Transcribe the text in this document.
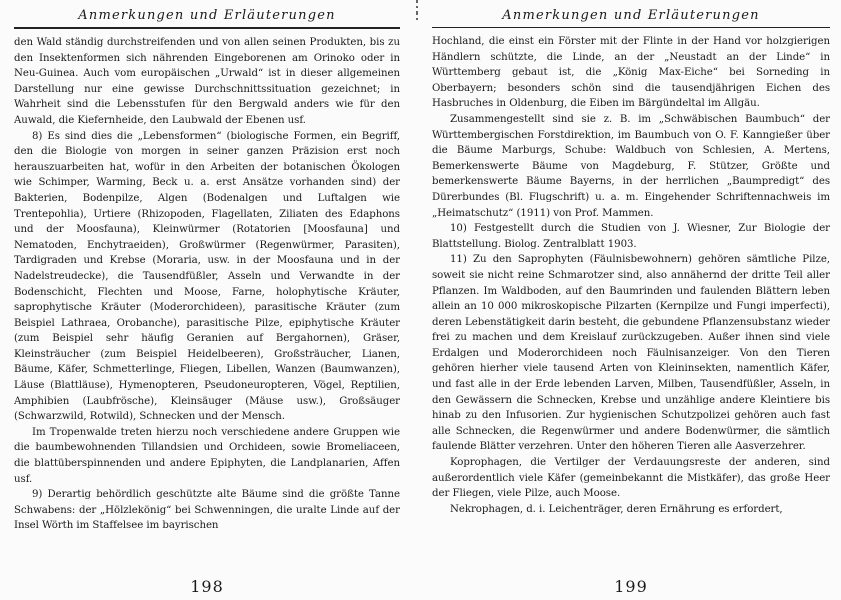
Anmerkungen und Erläuterungen

den Wald ständig durchstreifenden und von allen seinen Produkten, bis zu den Insektenformen sich nährenden Eingeborenen am Orinoko oder in Neu-Guinea. Auch vom europäischen „Urwald“ ist in dieser allgemeinen Darstellung nur eine gewisse Durchschnittssituation gezeichnet; in Wahrheit sind die Lebensstufen für den Bergwald anders wie für den Auwald, die Kiefernheide, den Laubwald der Ebenen usf.

8) Es sind dies die „Lebensformen“ (biologische Formen, ein Begriff, den die Biologie von morgen in seiner ganzen Präzision erst noch herauszuarbeiten hat, wofür in den Arbeiten der botanischen Ökologen wie Schimper, Warming, Beck u. a. erst Ansätze vorhanden sind) der Bakterien, Bodenpilze, Algen (Bodenalgen und Luftalgen wie Trentepohlia), Urtiere (Rhizopoden, Flagellaten, Ziliaten des Edaphons und der Moosfauna), Kleinwürmer (Rotatorien [Moosfauna] und Nematoden, Enchytraeiden), Großwürmer (Regenwürmer, Parasiten), Tardigraden und Krebse (Moraria, usw. in der Moosfauna und in der Nadelstreudecke), die Tausendfüßler, Asseln und Verwandte in der Bodenschicht, Flechten und Moose, Farne, holophytische Kräuter, saprophytische Kräuter (Moderorchideen), parasitische Kräuter (zum Beispiel Lathraea, Orobanche), parasitische Pilze, epiphytische Kräuter (zum Beispiel sehr häufig Geranien auf Bergahornen), Gräser, Kleinsträucher (zum Beispiel Heidelbeeren), Großsträucher, Lianen, Bäume, Käfer, Schmetterlinge, Fliegen, Libellen, Wanzen (Baumwanzen), Läuse (Blattläuse), Hymenopteren, Pseudoneuropteren, Vögel, Reptilien, Amphibien (Laubfrösche), Kleinsäuger (Mäuse usw.), Großsäuger (Schwarzwild, Rotwild), Schnecken und der Mensch.

Im Tropenwalde treten hierzu noch verschiedene andere Gruppen wie die baumbewohnenden Tillandsien und Orchideen, sowie Bromeliaceen, die blattüberspinnenden und andere Epiphyten, die Landplanarien, Affen usf.

9) Derartig behördlich geschützte alte Bäume sind die größte Tanne Schwabens: der „Hölzlekönig“ bei Schwenningen, die uralte Linde auf der Insel Wörth im Staffelsee im bayrischen

198
Anmerkungen und Erläuterungen

Hochland, die einst ein Förster mit der Flinte in der Hand vor holzgierigen Händlern schützte, die Linde, an der „Neustadt an der Linde“ in Württemberg gebaut ist, die „König Max-Eiche“ bei Sorneding in Oberbayern; besonders schön sind die tausendjährigen Eichen des Hasbruches in Oldenburg, die Eiben im Bärgündeltal im Allgäu.

Zusammengestellt sind sie z. B. im „Schwäbischen Baumbuch“ der Württembergischen Forstdirektion, im Baumbuch von O. F. Kanngießer über die Bäume Marburgs, Schube: Waldbuch von Schlesien, A. Mertens, Bemerkenswerte Bäume von Magdeburg, F. Stützer, Größte und bemerkenswerte Bäume Bayerns, in der herrlichen „Baumpredigt“ des Dürerbundes (Bl. Flugschrift) u. a. m. Eingehender Schriftennachweis im „Heimatschutz“ (1911) von Prof. Mammen.

10) Festgestellt durch die Studien von J. Wiesner, Zur Biologie der Blattstellung. Biolog. Zentralblatt 1903.

11) Zu den Saprophyten (Fäulnisbewohnern) gehören sämtliche Pilze, soweit sie nicht reine Schmarotzer sind, also annähernd der dritte Teil aller Pflanzen. Im Waldboden, auf den Baumrinden und faulenden Blättern leben allein an 10 000 mikroskopische Pilzarten (Kernpilze und Fungi imperfecti), deren Lebenstätigkeit darin besteht, die gebundene Pflanzensubstanz wieder frei zu machen und dem Kreislauf zurückzugeben. Außer ihnen sind viele Erdalgen und Moderorchideen noch Fäulnisanzeiger. Von den Tieren gehören hierher viele tausend Arten von Kleininsekten, namentlich Käfer, und fast alle in der Erde lebenden Larven, Milben, Tausendfüßler, Asseln, in den Gewässern die Schnecken, Krebse und unzählige andere Kleintiere bis hinab zu den Infusorien. Zur hygienischen Schutzpolizei gehören auch fast alle Schnecken, die Regenwürmer und andere Bodenwürmer, die sämtlich faulende Blätter verzehren. Unter den höheren Tieren alle Aasverzehrer.

Koprophagen, die Vertilger der Verdauungsreste der anderen, sind außerordentlich viele Käfer (gemeinbekannt die Mistkäfer), das große Heer der Fliegen, viele Pilze, auch Moose.

Nekrophagen, d. i. Leichenträger, deren Ernährung es erfordert,

199
